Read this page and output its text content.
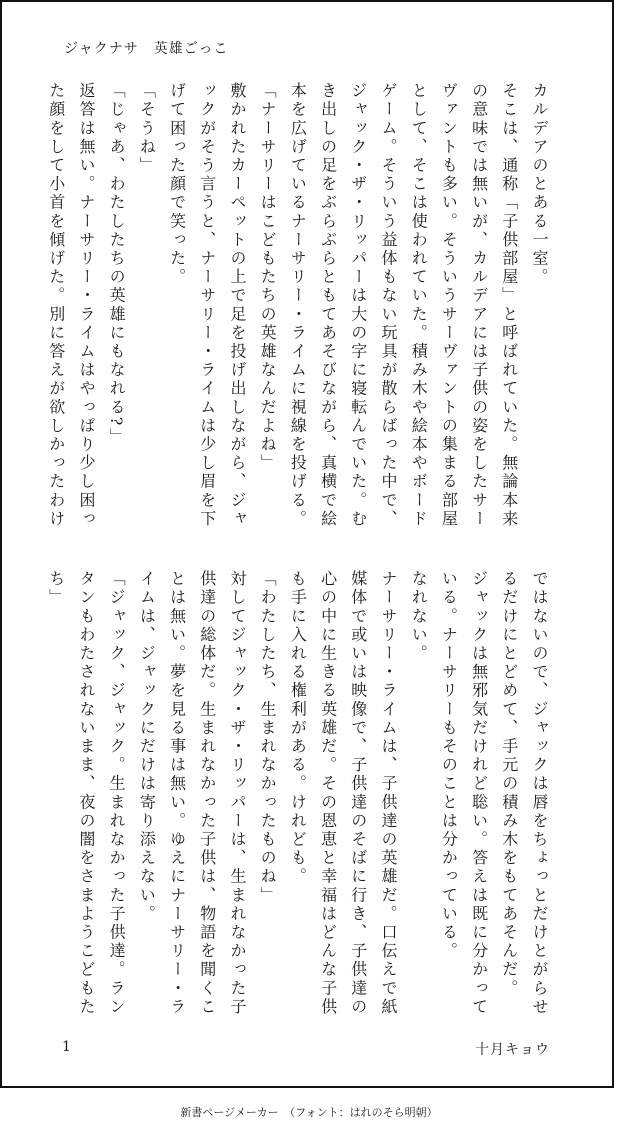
ジャクナサ　英雄ごっこ
カルデアのとある一室。
そこは、通称「子供部屋」と呼ばれていた。無論本来
の意味では無いが、カルデアには子供の姿をしたサー
ヴァントも多い。そういうサーヴァントの集まる部屋
として、そこは使われていた。積み木や絵本やボード
ゲーム。そういう益体もない玩具が散らばった中で、
ジャック・ザ・リッパーは大の字に寝転んでいた。む
き出しの足をぶらぶらともてあそびながら、真横で絵
本を広げているナーサリー・ライムに視線を投げる。
「ナーサリーはこどもたちの英雄なんだよね」
敷かれたカーペットの上で足を投げ出しながら、ジャ
ックがそう言うと、ナーサリー・ライムは少し眉を下
げて困った顔で笑った。
「そうね」
「じゃあ、わたしたちの英雄にもなれる?」
返答は無い。ナーサリー・ライムはやっぱり少し困っ
た顔をして小首を傾げた。別に答えが欲しかったわけ
ではないので、ジャックは唇をちょっとだけとがらせ
るだけにとどめて、手元の積み木をもてあそんだ。
ジャックは無邪気だけれど聡い。答えは既に分かって
いる。ナーサリーもそのことは分かっている。
なれない。
ナーサリー・ライムは、子供達の英雄だ。口伝えで紙
媒体で或いは映像で、子供達のそばに行き、子供達の
心の中に生きる英雄だ。その恩恵と幸福はどんな子供
も手に入れる権利がある。けれども。
「わたしたち、生まれなかったものね」
対してジャック・ザ・リッパーは、生まれなかった子
供達の総体だ。生まれなかった子供は、物語を聞くこ
とは無い。夢を見る事は無い。ゆえにナーサリー・ラ
イムは、ジャックにだけは寄り添えない。
「ジャック、ジャック。生まれなかった子供達。ラン
タンもわたされないまま、夜の闇をさまようこどもた
ち」
1	十月キョウ
新書ページメーカー　（フォント：はれのそら明朝）
